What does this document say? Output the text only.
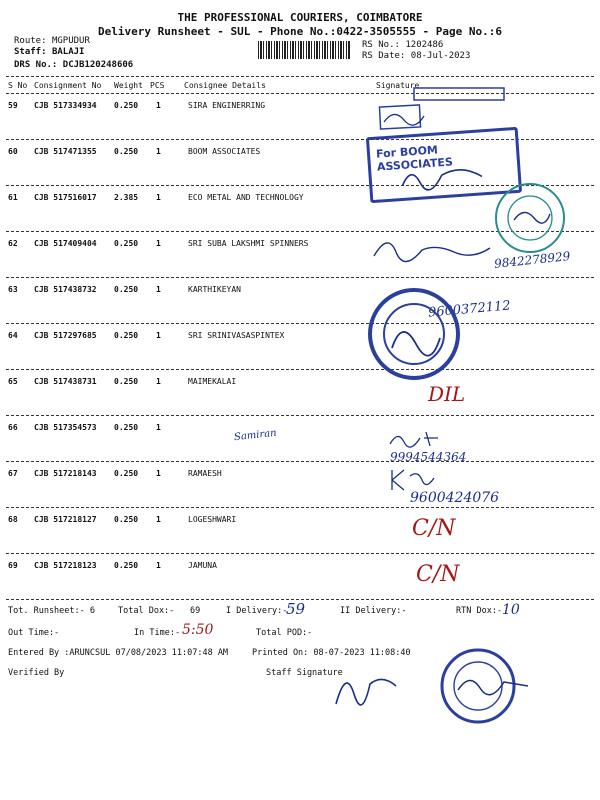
THE PROFESSIONAL COURIERS, COIMBATORE
Delivery Runsheet - SUL - Phone No.:0422-3505555 - Page No.:6
Route: MGPUDUR
Staff: BALAJI
DRS No.: DCJB120248606
RS No.: 1202486
RS Date: 08-Jul-2023
S No Consignment No Weight PCS Consignee Details	Signature
59 CJB 517334934 0.250 1	SIRA ENGINERRING
60 CJB 517471355 0.250 1	BOOM ASSOCIATES
61 CJB 517516017 2.385 1	ECO METAL AND TECHNOLOGY
62 CJB 517409404 0.250 1	SRI SUBA LAKSHMI SPINNERS
63 CJB 517438732 0.250 1	KARTHIKEYAN
64 CJB 517297685 0.250 1	SRI SRINIVASASPINTEX
65 CJB 517438731 0.250 1	MAIMEKALAI
66 CJB 517354573 0.250 1
67 CJB 517218143 0.250 1	RAMAESH
68 CJB 517218127 0.250 1	LOGESHWARI
69 CJB 517218123 0.250 1	JAMUNA
Tot. Runsheet:- 6	Total Dox:- 69	I Delivery:-	II Delivery:-	RTN Dox:-
Out Time:-	In Time:-	Total POD:-
Entered By :ARUNCSUL 07/08/2023 11:07:48 AM	Printed On: 08-07-2023 11:08:40
Verified By	Staff Signature
59	10
5:50
9842278929
9600372112
DIL
Samiran
9994544364
9600424076
C/N
C/N
For BOOM ASSOCIATES
